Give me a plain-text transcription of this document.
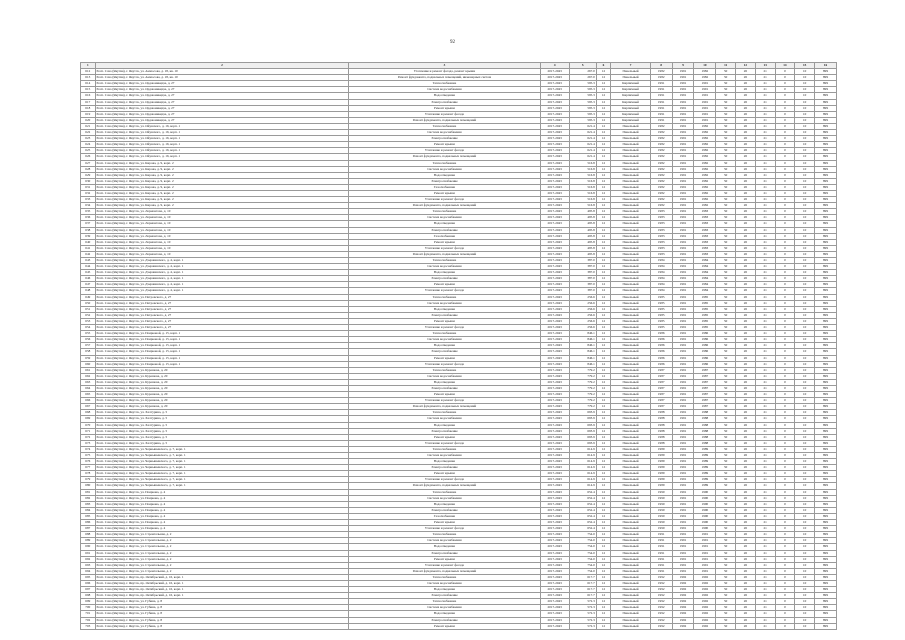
92
1	2	3	4	5	6	7	8	9	10	11	12	13	14	15	16
612	Респ. Саха (Якутия), г. Якутск, ул. Аммосова, д. 18, кв. 10	Утепление и ремонт фасада, ремонт крыши	2017-2043	267.0	12	Панельный	1982	1991	1982	50	26	21	0	10	899
613	Респ. Саха (Якутия), г. Якутск, ул. Аммосова, д. 18, кв. 10	Ремонт фундамента, подвальных помещений, инженерных систем	2017-2043	267.0	12	Панельный	1982	1991	1982	50	26	21	0	10	899
614	Респ. Саха (Якутия), г. Якутск, ул. Орджоникидзе, д. 27	Теплоснабжение	2017-2043	595.3	12	Кирпичный	1991	1991	1991	50	26	21	0	10	899
615	Респ. Саха (Якутия), г. Якутск, ул. Орджоникидзе, д. 27	Система водоснабжения	2017-2043	595.3	12	Кирпичный	1991	1991	1991	50	26	21	0	10	899
616	Респ. Саха (Якутия), г. Якутск, ул. Орджоникидзе, д. 27	Водоотведение	2017-2043	595.3	12	Кирпичный	1991	1991	1991	50	26	21	0	10	899
617	Респ. Саха (Якутия), г. Якутск, ул. Орджоникидзе, д. 27	Электроснабжение	2017-2043	595.3	12	Кирпичный	1991	1991	1991	50	26	21	0	10	899
618	Респ. Саха (Якутия), г. Якутск, ул. Орджоникидзе, д. 27	Ремонт крыши	2017-2043	595.3	12	Кирпичный	1991	1991	1991	50	26	21	0	10	899
619	Респ. Саха (Якутия), г. Якутск, ул. Орджоникидзе, д. 27	Утепление и ремонт фасада	2017-2043	595.3	12	Кирпичный	1991	1991	1991	50	26	21	0	10	899
620	Респ. Саха (Якутия), г. Якутск, ул. Орджоникидзе, д. 27	Ремонт фундамента, подвальных помещений	2017-2043	595.3	12	Кирпичный	1991	1991	1991	50	26	21	0	10	899
621	Респ. Саха (Якутия), г. Якутск, ул. Ойунского, д. 16, корп. 1	Теплоснабжение	2017-2043	621.4	12	Панельный	1982	1991	1982	50	26	21	0	10	899
622	Респ. Саха (Якутия), г. Якутск, ул. Ойунского, д. 16, корп. 1	Система водоснабжения	2017-2043	621.4	12	Панельный	1982	1991	1982	50	26	21	0	10	899
623	Респ. Саха (Якутия), г. Якутск, ул. Ойунского, д. 16, корп. 1	Электроснабжение	2017-2043	621.4	12	Панельный	1982	1991	1982	50	26	21	0	10	899
624	Респ. Саха (Якутия), г. Якутск, ул. Ойунского, д. 16, корп. 1	Ремонт крыши	2017-2043	621.4	12	Панельный	1982	1991	1982	50	26	21	0	10	899
625	Респ. Саха (Якутия), г. Якутск, ул. Ойунского, д. 16, корп. 1	Утепление и ремонт фасада	2017-2043	621.4	12	Панельный	1982	1991	1982	50	26	21	0	10	899
626	Респ. Саха (Якутия), г. Якутск, ул. Ойунского, д. 16, корп. 1	Ремонт фундамента, подвальных помещений	2017-2043	621.4	12	Панельный	1982	1991	1982	50	26	21	0	10	899
627	Респ. Саха (Якутия), г. Якутск, ул. Кирова, д. 9, корп. 2	Теплоснабжение	2017-2043	516.8	12	Панельный	1982	1991	1982	50	26	21	0	10	899
628	Респ. Саха (Якутия), г. Якутск, ул. Кирова, д. 9, корп. 2	Система водоснабжения	2017-2043	516.8	12	Панельный	1982	1991	1982	50	26	21	0	10	899
629	Респ. Саха (Якутия), г. Якутск, ул. Кирова, д. 9, корп. 2	Водоотведение	2017-2043	516.8	12	Панельный	1982	1991	1982	50	26	21	0	10	899
630	Респ. Саха (Якутия), г. Якутск, ул. Кирова, д. 9, корп. 2	Электроснабжение	2017-2043	516.8	12	Панельный	1982	1991	1982	50	26	21	0	10	899
631	Респ. Саха (Якутия), г. Якутск, ул. Кирова, д. 9, корп. 2	Газоснабжение	2017-2043	516.8	12	Панельный	1982	1991	1982	50	26	21	0	10	899
632	Респ. Саха (Якутия), г. Якутск, ул. Кирова, д. 9, корп. 2	Ремонт крыши	2017-2043	516.8	12	Панельный	1982	1991	1982	50	26	21	0	10	899
633	Респ. Саха (Якутия), г. Якутск, ул. Кирова, д. 9, корп. 2	Утепление и ремонт фасада	2017-2043	516.8	12	Панельный	1982	1991	1982	50	26	21	0	10	899
634	Респ. Саха (Якутия), г. Якутск, ул. Кирова, д. 9, корп. 2	Ремонт фундамента, подвальных помещений	2017-2043	516.8	12	Панельный	1982	1991	1982	50	26	21	0	10	899
635	Респ. Саха (Якутия), г. Якутск, ул. Лермонтова, д. 10	Теплоснабжение	2017-2043	495.8	12	Панельный	1983	1991	1983	50	26	21	0	10	899
636	Респ. Саха (Якутия), г. Якутск, ул. Лермонтова, д. 10	Система водоснабжения	2017-2043	495.8	12	Панельный	1983	1991	1983	50	26	21	0	10	899
637	Респ. Саха (Якутия), г. Якутск, ул. Лермонтова, д. 10	Водоотведение	2017-2043	495.8	12	Панельный	1983	1991	1983	50	26	21	0	10	899
638	Респ. Саха (Якутия), г. Якутск, ул. Лермонтова, д. 10	Электроснабжение	2017-2043	495.8	12	Панельный	1983	1991	1983	50	26	21	0	10	899
639	Респ. Саха (Якутия), г. Якутск, ул. Лермонтова, д. 10	Газоснабжение	2017-2043	495.8	12	Панельный	1983	1991	1983	50	26	21	0	10	899
640	Респ. Саха (Якутия), г. Якутск, ул. Лермонтова, д. 10	Ремонт крыши	2017-2043	495.8	12	Панельный	1983	1991	1983	50	26	21	0	10	899
641	Респ. Саха (Якутия), г. Якутск, ул. Лермонтова, д. 10	Утепление и ремонт фасада	2017-2043	495.8	12	Панельный	1983	1991	1983	50	26	21	0	10	899
642	Респ. Саха (Якутия), г. Якутск, ул. Лермонтова, д. 10	Ремонт фундамента, подвальных помещений	2017-2043	495.8	12	Панельный	1983	1991	1983	50	26	21	0	10	899
643	Респ. Саха (Якутия), г. Якутск, ул. Дзержинского, д. 4, корп. 1	Теплоснабжение	2017-2043	387.0	12	Панельный	1984	1991	1984	50	26	21	0	10	899
644	Респ. Саха (Якутия), г. Якутск, ул. Дзержинского, д. 4, корп. 1	Система водоснабжения	2017-2043	387.0	12	Панельный	1984	1991	1984	50	26	21	0	10	899
645	Респ. Саха (Якутия), г. Якутск, ул. Дзержинского, д. 4, корп. 1	Водоотведение	2017-2043	387.0	12	Панельный	1984	1991	1984	50	26	21	0	10	899
646	Респ. Саха (Якутия), г. Якутск, ул. Дзержинского, д. 4, корп. 1	Электроснабжение	2017-2043	387.0	12	Панельный	1984	1991	1984	50	26	21	0	10	899
647	Респ. Саха (Якутия), г. Якутск, ул. Дзержинского, д. 4, корп. 1	Ремонт крыши	2017-2043	387.0	12	Панельный	1984	1991	1984	50	26	21	0	10	899
648	Респ. Саха (Якутия), г. Якутск, ул. Дзержинского, д. 4, корп. 1	Утепление и ремонт фасада	2017-2043	387.0	12	Панельный	1984	1991	1984	50	26	21	0	10	899
649	Респ. Саха (Якутия), г. Якутск, ул. Петровского, д. 27	Теплоснабжение	2017-2043	256.6	12	Панельный	1985	1991	1985	50	26	21	0	10	899
650	Респ. Саха (Якутия), г. Якутск, ул. Петровского, д. 27	Система водоснабжения	2017-2043	256.6	12	Панельный	1985	1991	1985	50	26	21	0	10	899
651	Респ. Саха (Якутия), г. Якутск, ул. Петровского, д. 27	Водоотведение	2017-2043	256.6	12	Панельный	1985	1991	1985	50	26	21	0	10	899
652	Респ. Саха (Якутия), г. Якутск, ул. Петровского, д. 27	Электроснабжение	2017-2043	256.6	12	Панельный	1985	1991	1985	50	26	21	0	10	899
653	Респ. Саха (Якутия), г. Якутск, ул. Петровского, д. 27	Ремонт крыши	2017-2043	256.6	12	Панельный	1985	1991	1985	50	26	21	0	10	899
654	Респ. Саха (Якутия), г. Якутск, ул. Петровского, д. 27	Утепление и ремонт фасада	2017-2043	256.6	12	Панельный	1985	1991	1985	50	26	21	0	10	899
655	Респ. Саха (Якутия), г. Якутск, ул. Поярковой, д. 15, корп. 1	Теплоснабжение	2017-2043	846.1	12	Панельный	1986	1991	1986	50	26	21	0	10	899
656	Респ. Саха (Якутия), г. Якутск, ул. Поярковой, д. 15, корп. 1	Система водоснабжения	2017-2043	846.1	12	Панельный	1986	1991	1986	50	26	21	0	10	899
657	Респ. Саха (Якутия), г. Якутск, ул. Поярковой, д. 15, корп. 1	Водоотведение	2017-2043	846.1	12	Панельный	1986	1991	1986	50	26	21	0	10	899
658	Респ. Саха (Якутия), г. Якутск, ул. Поярковой, д. 15, корп. 1	Электроснабжение	2017-2043	846.1	12	Панельный	1986	1991	1986	50	26	21	0	10	899
659	Респ. Саха (Якутия), г. Якутск, ул. Поярковой, д. 15, корп. 1	Ремонт крыши	2017-2043	846.1	12	Панельный	1986	1991	1986	50	26	21	0	10	899
660	Респ. Саха (Якутия), г. Якутск, ул. Поярковой, д. 15, корп. 1	Утепление и ремонт фасада	2017-2043	846.1	12	Панельный	1986	1991	1986	50	26	21	0	10	899
661	Респ. Саха (Якутия), г. Якутск, ул. Курашова, д. 20	Теплоснабжение	2017-2043	779.2	12	Панельный	1987	1991	1987	50	26	21	0	10	899
662	Респ. Саха (Якутия), г. Якутск, ул. Курашова, д. 20	Система водоснабжения	2017-2043	779.2	12	Панельный	1987	1991	1987	50	26	21	0	10	899
663	Респ. Саха (Якутия), г. Якутск, ул. Курашова, д. 20	Водоотведение	2017-2043	779.2	12	Панельный	1987	1991	1987	50	26	21	0	10	899
664	Респ. Саха (Якутия), г. Якутск, ул. Курашова, д. 20	Электроснабжение	2017-2043	779.2	12	Панельный	1987	1991	1987	50	26	21	0	10	899
665	Респ. Саха (Якутия), г. Якутск, ул. Курашова, д. 20	Ремонт крыши	2017-2043	779.2	12	Панельный	1987	1991	1987	50	26	21	0	10	899
666	Респ. Саха (Якутия), г. Якутск, ул. Курашова, д. 20	Утепление и ремонт фасада	2017-2043	779.2	12	Панельный	1987	1991	1987	50	26	21	0	10	899
667	Респ. Саха (Якутия), г. Якутск, ул. Курашова, д. 20	Ремонт фундамента, подвальных помещений	2017-2043	779.2	12	Панельный	1987	1991	1987	50	26	21	0	10	899
668	Респ. Саха (Якутия), г. Якутск, ул. Халтурина, д. 5	Теплоснабжение	2017-2043	693.9	12	Панельный	1988	1991	1988	50	26	21	0	10	899
669	Респ. Саха (Якутия), г. Якутск, ул. Халтурина, д. 5	Система водоснабжения	2017-2043	693.9	12	Панельный	1988	1991	1988	50	26	21	0	10	899
670	Респ. Саха (Якутия), г. Якутск, ул. Халтурина, д. 5	Водоотведение	2017-2043	693.9	12	Панельный	1988	1991	1988	50	26	21	0	10	899
671	Респ. Саха (Якутия), г. Якутск, ул. Халтурина, д. 5	Электроснабжение	2017-2043	693.9	12	Панельный	1988	1991	1988	50	26	21	0	10	899
672	Респ. Саха (Якутия), г. Якутск, ул. Халтурина, д. 5	Ремонт крыши	2017-2043	693.9	12	Панельный	1988	1991	1988	50	26	21	0	10	899
673	Респ. Саха (Якутия), г. Якутск, ул. Халтурина, д. 5	Утепление и ремонт фасада	2017-2043	693.9	12	Панельный	1988	1991	1988	50	26	21	0	10	899
674	Респ. Саха (Якутия), г. Якутск, ул. Чернышевского, д. 7, корп. 1	Теплоснабжение	2017-2043	614.9	12	Панельный	1989	1991	1989	50	26	21	0	10	899
675	Респ. Саха (Якутия), г. Якутск, ул. Чернышевского, д. 7, корп. 1	Система водоснабжения	2017-2043	614.9	12	Панельный	1989	1991	1989	50	26	21	0	10	899
676	Респ. Саха (Якутия), г. Якутск, ул. Чернышевского, д. 7, корп. 1	Водоотведение	2017-2043	614.9	12	Панельный	1989	1991	1989	50	26	21	0	10	899
677	Респ. Саха (Якутия), г. Якутск, ул. Чернышевского, д. 7, корп. 1	Электроснабжение	2017-2043	614.9	12	Панельный	1989	1991	1989	50	26	21	0	10	899
678	Респ. Саха (Якутия), г. Якутск, ул. Чернышевского, д. 7, корп. 1	Ремонт крыши	2017-2043	614.9	12	Панельный	1989	1991	1989	50	26	21	0	10	899
679	Респ. Саха (Якутия), г. Якутск, ул. Чернышевского, д. 7, корп. 1	Утепление и ремонт фасада	2017-2043	614.9	12	Панельный	1989	1991	1989	50	26	21	0	10	899
680	Респ. Саха (Якутия), г. Якутск, ул. Чернышевского, д. 7, корп. 1	Ремонт фундамента, подвальных помещений	2017-2043	614.9	12	Панельный	1989	1991	1989	50	26	21	0	10	899
681	Респ. Саха (Якутия), г. Якутск, ул. Пояркова, д. 4	Теплоснабжение	2017-2043	652.4	12	Панельный	1990	1991	1990	50	26	21	0	10	899
682	Респ. Саха (Якутия), г. Якутск, ул. Пояркова, д. 4	Система водоснабжения	2017-2043	652.4	12	Панельный	1990	1991	1990	50	26	21	0	10	899
683	Респ. Саха (Якутия), г. Якутск, ул. Пояркова, д. 4	Водоотведение	2017-2043	652.4	12	Панельный	1990	1991	1990	50	26	21	0	10	899
684	Респ. Саха (Якутия), г. Якутск, ул. Пояркова, д. 4	Электроснабжение	2017-2043	652.4	12	Панельный	1990	1991	1990	50	26	21	0	10	899
685	Респ. Саха (Якутия), г. Якутск, ул. Пояркова, д. 4	Газоснабжение	2017-2043	652.4	12	Панельный	1990	1991	1990	50	26	21	0	10	899
686	Респ. Саха (Якутия), г. Якутск, ул. Пояркова, д. 4	Ремонт крыши	2017-2043	652.4	12	Панельный	1990	1991	1990	50	26	21	0	10	899
687	Респ. Саха (Якутия), г. Якутск, ул. Пояркова, д. 4	Утепление и ремонт фасада	2017-2043	652.4	12	Панельный	1990	1991	1990	50	26	21	0	10	899
688	Респ. Саха (Якутия), г. Якутск, ул. Строительная, д. 2	Теплоснабжение	2017-2043	754.0	12	Панельный	1991	1991	1991	50	26	21	0	10	899
689	Респ. Саха (Якутия), г. Якутск, ул. Строительная, д. 2	Система водоснабжения	2017-2043	754.0	12	Панельный	1991	1991	1991	50	26	21	0	10	899
690	Респ. Саха (Якутия), г. Якутск, ул. Строительная, д. 2	Водоотведение	2017-2043	754.0	12	Панельный	1991	1991	1991	50	26	21	0	10	899
691	Респ. Саха (Якутия), г. Якутск, ул. Строительная, д. 2	Электроснабжение	2017-2043	754.0	12	Панельный	1991	1991	1991	50	26	21	0	10	899
692	Респ. Саха (Якутия), г. Якутск, ул. Строительная, д. 2	Ремонт крыши	2017-2043	754.0	12	Панельный	1991	1991	1991	50	26	21	0	10	899
693	Респ. Саха (Якутия), г. Якутск, ул. Строительная, д. 2	Утепление и ремонт фасада	2017-2043	754.0	12	Панельный	1991	1991	1991	50	26	21	0	10	899
694	Респ. Саха (Якутия), г. Якутск, ул. Строительная, д. 2	Ремонт фундамента, подвальных помещений	2017-2043	754.0	12	Панельный	1991	1991	1991	50	26	21	0	10	899
695	Респ. Саха (Якутия), г. Якутск, пр. Октябрьский, д. 16, корп. 1	Теплоснабжение	2017-2043	617.7	12	Панельный	1992	1992	1992	50	26	21	0	10	899
696	Респ. Саха (Якутия), г. Якутск, пр. Октябрьский, д. 16, корп. 1	Система водоснабжения	2017-2043	617.7	12	Панельный	1992	1992	1992	50	26	21	0	10	899
697	Респ. Саха (Якутия), г. Якутск, пр. Октябрьский, д. 16, корп. 1	Водоотведение	2017-2043	617.7	12	Панельный	1992	1992	1992	50	26	21	0	10	899
698	Респ. Саха (Якутия), г. Якутск, пр. Октябрьский, д. 16, корп. 1	Электроснабжение	2017-2043	617.7	12	Панельный	1992	1992	1992	50	26	21	0	10	899
699	Респ. Саха (Якутия), г. Якутск, ул. Губина, д. 8	Теплоснабжение	2017-2043	572.3	12	Панельный	1992	1992	1992	50	26	21	0	10	899
700	Респ. Саха (Якутия), г. Якутск, ул. Губина, д. 8	Система водоснабжения	2017-2043	572.3	12	Панельный	1992	1992	1992	50	26	21	0	10	899
701	Респ. Саха (Якутия), г. Якутск, ул. Губина, д. 8	Водоотведение	2017-2043	572.3	12	Панельный	1992	1992	1992	50	26	21	0	10	899
702	Респ. Саха (Якутия), г. Якутск, ул. Губина, д. 8	Электроснабжение	2017-2043	572.3	12	Панельный	1992	1992	1992	50	26	21	0	10	899
703	Респ. Саха (Якутия), г. Якутск, ул. Губина, д. 8	Ремонт крыши	2017-2043	572.3	12	Панельный	1992	1992	1992	50	26	21	0	10	899
